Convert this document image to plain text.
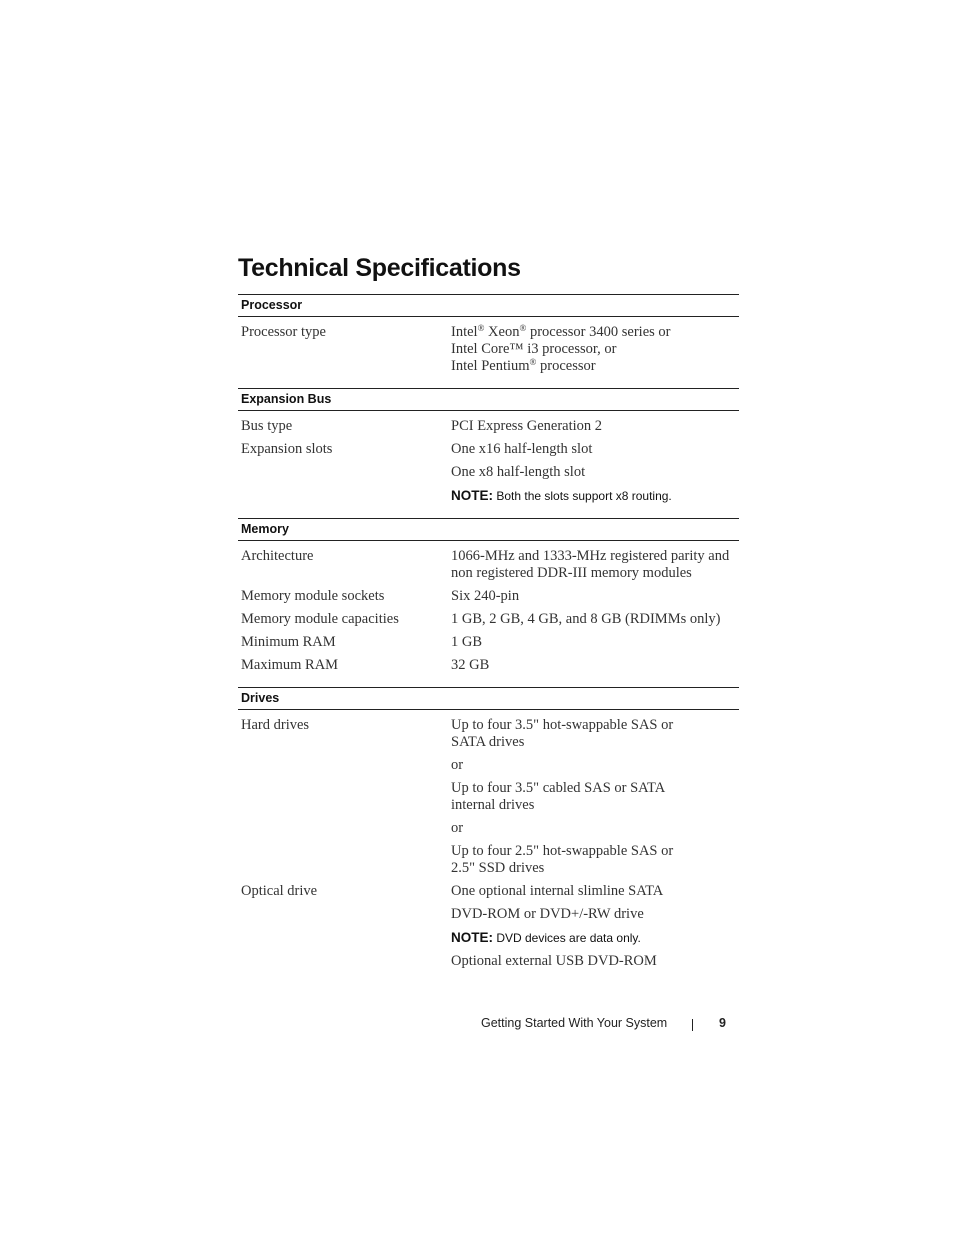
Technical Specifications
Processor
Processor type	Intel® Xeon® processor 3400 series or
Intel Core™ i3 processor, or
Intel Pentium® processor
Expansion Bus
Bus type	PCI Express Generation 2
Expansion slots	One x16 half-length slot
One x8 half-length slot
NOTE: Both the slots support x8 routing.
Memory
Architecture	1066-MHz and 1333-MHz registered parity and
non registered DDR-III memory modules
Memory module sockets	Six 240-pin
Memory module capacities	1 GB, 2 GB, 4 GB, and 8 GB (RDIMMs only)
Minimum RAM	1 GB
Maximum RAM	32 GB
Drives
Hard drives	Up to four 3.5" hot-swappable SAS or
SATA drives
or
Up to four 3.5" cabled SAS or SATA
internal drives
or
Up to four 2.5" hot-swappable SAS or
2.5" SSD drives
Optical drive	One optional internal slimline SATA
DVD-ROM or DVD+/-RW drive
NOTE: DVD devices are data only.
Optional external USB DVD-ROM
Getting Started With Your System	9
